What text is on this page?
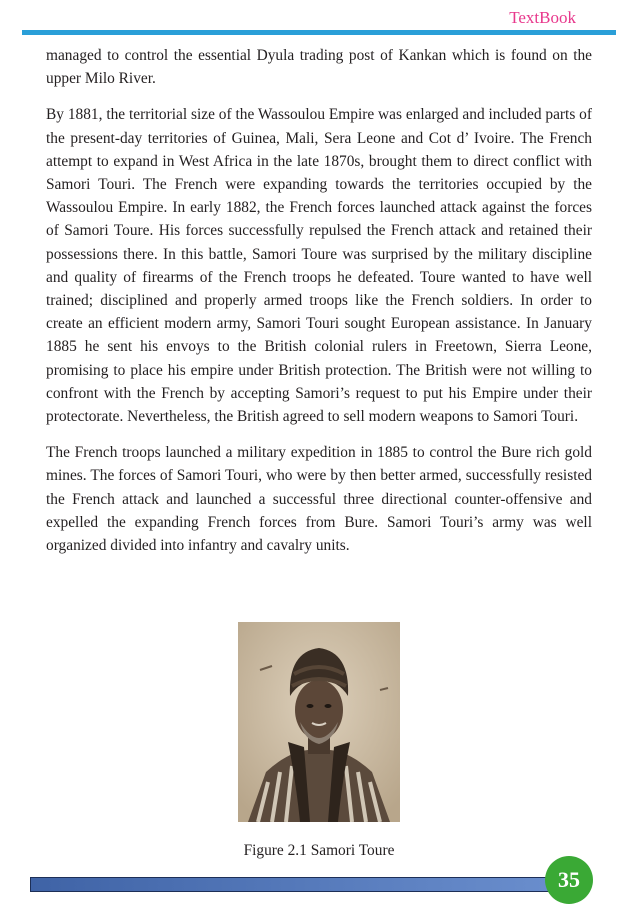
TextBook

managed to control the essential Dyula trading post of Kankan which is found on the upper Milo River.

By 1881, the territorial size of the Wassoulou Empire was enlarged and included parts of the present-day territories of Guinea, Mali, Sera Leone and Cot d’ Ivoire. The French attempt to expand in West Africa in the late 1870s, brought them to direct conflict with Samori Touri. The French were expanding towards the territories occupied by the Wassoulou Empire. In early 1882, the French forces launched attack against the forces of Samori Toure. His forces successfully repulsed the French attack and retained their possessions there. In this battle, Samori Toure was surprised by the military discipline and quality of firearms of the French troops he defeated. Toure wanted to have well trained; disciplined and properly armed troops like the French soldiers. In order to create an efficient modern army, Samori Touri sought European assistance. In January 1885 he sent his envoys to the British colonial rulers in Freetown, Sierra Leone, promising to place his empire under British protection. The British were not willing to confront with the French by accepting Samori’s request to put his Empire under their protectorate. Nevertheless, the British agreed to sell modern weapons to Samori Touri.

The French troops launched a military expedition in 1885 to control the Bure rich gold mines. The forces of Samori Touri, who were by then better armed, successfully resisted the French attack and launched a successful three directional counter-offensive and expelled the expanding French forces from Bure. Samori Touri’s army was well organized divided into infantry and cavalry units.

Figure 2.1 Samori Toure
35
